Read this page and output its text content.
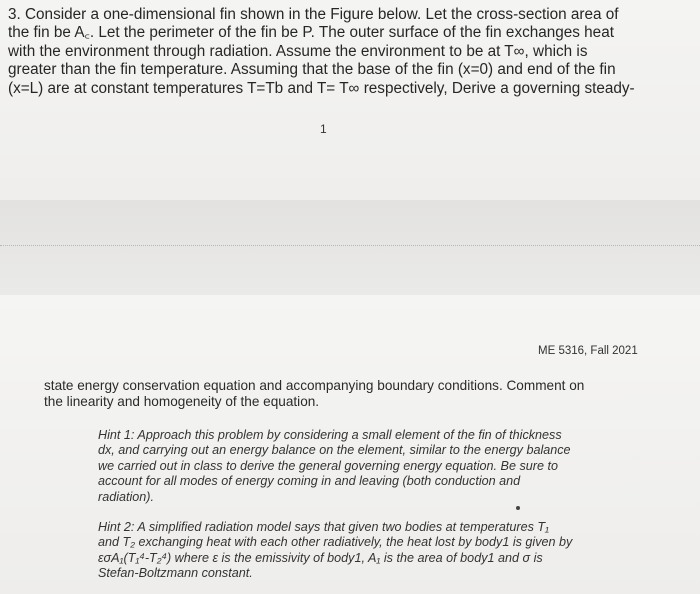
3. Consider a one-dimensional fin shown in the Figure below. Let the cross-section area of
the fin be A꜀. Let the perimeter of the fin be P. The outer surface of the fin exchanges heat
with the environment through radiation. Assume the environment to be at T∞, which is
greater than the fin temperature. Assuming that the base of the fin (x=0) and end of the fin
(x=L) are at constant temperatures T=Tb and T= T∞ respectively, Derive a governing steady-

1
ME 5316, Fall 2021

state energy conservation equation and accompanying boundary conditions. Comment on
the linearity and homogeneity of the equation.

Hint 1: Approach this problem by considering a small element of the fin of thickness
dx, and carrying out an energy balance on the element, similar to the energy balance
we carried out in class to derive the general governing energy equation. Be sure to
account for all modes of energy coming in and leaving (both conduction and
radiation).

Hint 2: A simplified radiation model says that given two bodies at temperatures T₁
and T₂ exchanging heat with each other radiatively, the heat lost by body1 is given by
εσA₁(T₁⁴-T₂⁴) where ε is the emissivity of body1, A₁ is the area of body1 and σ is
Stefan-Boltzmann constant.
